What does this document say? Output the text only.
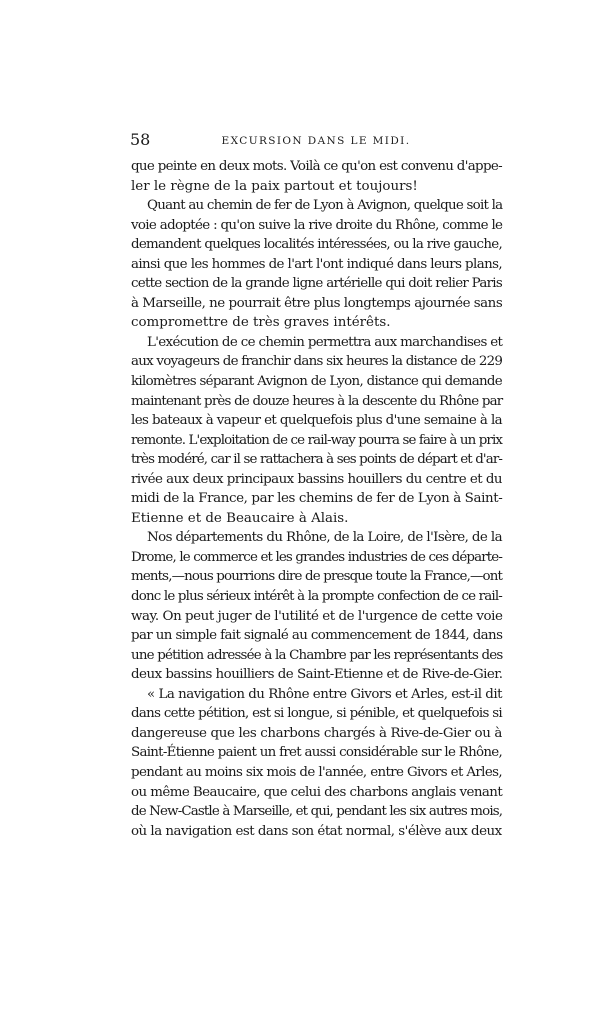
58	EXCURSION DANS LE MIDI.

que peinte en deux mots. Voilà ce qu'on est convenu d'appe-
ler le règne de la paix partout et toujours!

Quant au chemin de fer de Lyon à Avignon, quelque soit la
voie adoptée : qu'on suive la rive droite du Rhône, comme le
demandent quelques localités intéressées, ou la rive gauche,
ainsi que les hommes de l'art l'ont indiqué dans leurs plans,
cette section de la grande ligne artérielle qui doit relier Paris
à Marseille, ne pourrait être plus longtemps ajournée sans
compromettre de très graves intérêts.

L'exécution de ce chemin permettra aux marchandises et
aux voyageurs de franchir dans six heures la distance de 229
kilomètres séparant Avignon de Lyon, distance qui demande
maintenant près de douze heures à la descente du Rhône par
les bateaux à vapeur et quelquefois plus d'une semaine à la
remonte. L'exploitation de ce rail-way pourra se faire à un prix
très modéré, car il se rattachera à ses points de départ et d'ar-
rivée aux deux principaux bassins houillers du centre et du
midi de la France, par les chemins de fer de Lyon à Saint-
Etienne et de Beaucaire à Alais.

Nos départements du Rhône, de la Loire, de l'Isère, de la
Drome, le commerce et les grandes industries de ces départe-
ments,—nous pourrions dire de presque toute la France,—ont
donc le plus sérieux intérêt à la prompte confection de ce rail-
way. On peut juger de l'utilité et de l'urgence de cette voie
par un simple fait signalé au commencement de 1844, dans
une pétition adressée à la Chambre par les représentants des
deux bassins houilliers de Saint-Etienne et de Rive-de-Gier.

« La navigation du Rhône entre Givors et Arles, est-il dit
dans cette pétition, est si longue, si pénible, et quelquefois si
dangereuse que les charbons chargés à Rive-de-Gier ou à
Saint-Étienne paient un fret aussi considérable sur le Rhône,
pendant au moins six mois de l'année, entre Givors et Arles,
ou même Beaucaire, que celui des charbons anglais venant
de New-Castle à Marseille, et qui, pendant les six autres mois,
où la navigation est dans son état normal, s'élève aux deux
